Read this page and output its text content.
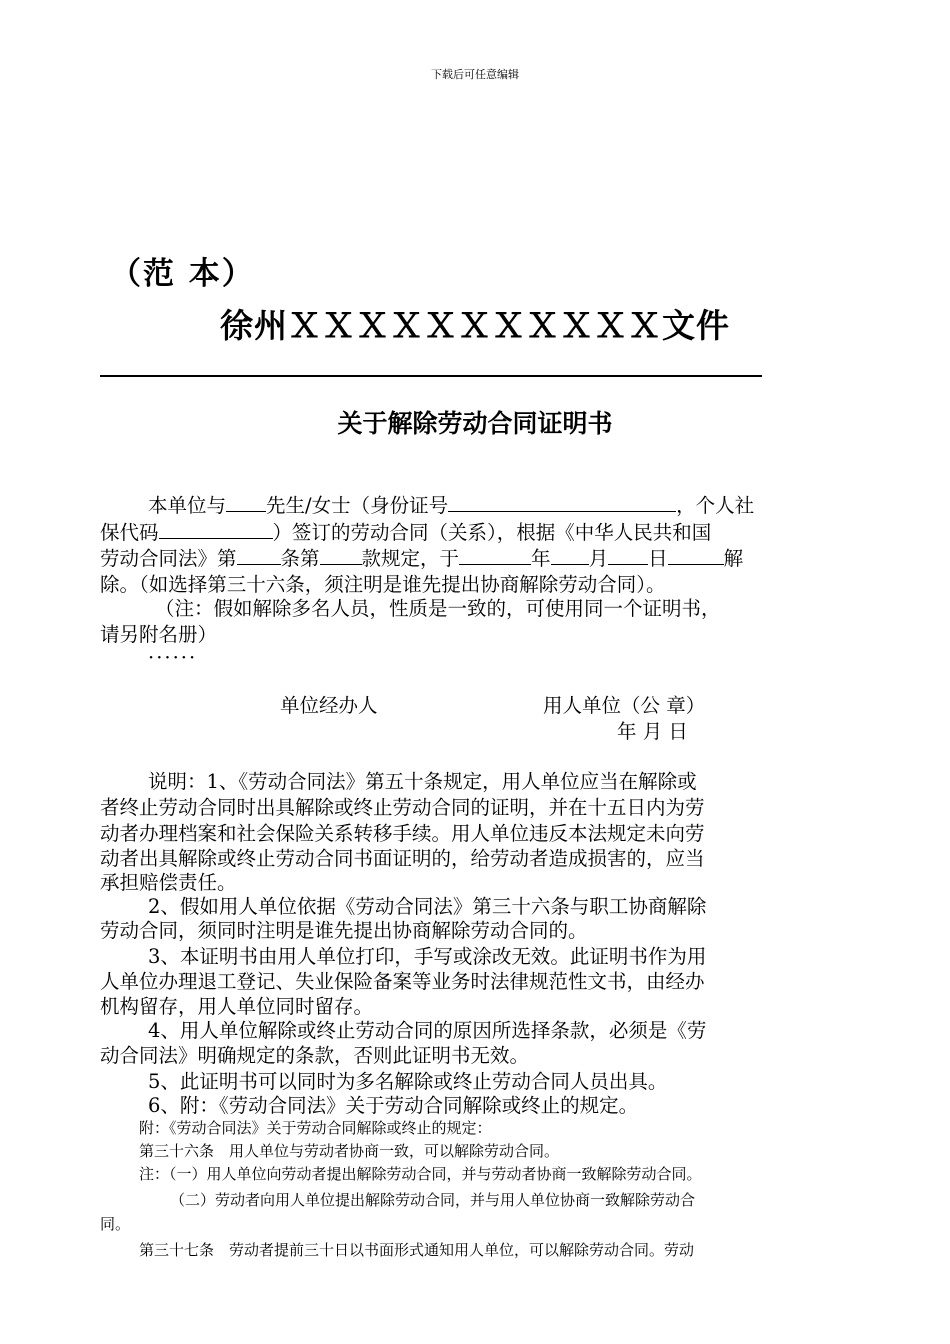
下载后可任意编辑
（范 本）
徐州ＸＸＸＸＸＸＸＸＸＸＸ文件
关于解除劳动合同证明书
本单位与 先生/女士（身份证号	，个人社
保代码	）签订的劳动合同（关系），根据《中华人民共和国
劳动合同法》第 条第 款规定，于	年 月 日	解
除。（如选择第三十六条，须注明是谁先提出协商解除劳动合同）。
（注：假如解除多名人员，性质是一致的，可使用同一个证明书，
请另附名册）
······
单位经办人	用人单位（公 章）
年 月 日
说明：1、《劳动合同法》第五十条规定，用人单位应当在解除或
者终止劳动合同时出具解除或终止劳动合同的证明，并在十五日内为劳
动者办理档案和社会保险关系转移手续。用人单位违反本法规定未向劳
动者出具解除或终止劳动合同书面证明的，给劳动者造成损害的，应当
承担赔偿责任。
2、假如用人单位依据《劳动合同法》第三十六条与职工协商解除
劳动合同，须同时注明是谁先提出协商解除劳动合同的。
3、本证明书由用人单位打印，手写或涂改无效。此证明书作为用
人单位办理退工登记、失业保险备案等业务时法律规范性文书，由经办
机构留存，用人单位同时留存。
4、用人单位解除或终止劳动合同的原因所选择条款，必须是《劳
动合同法》明确规定的条款，否则此证明书无效。
5、此证明书可以同时为多名解除或终止劳动合同人员出具。
6、附：《劳动合同法》关于劳动合同解除或终止的规定。
附：《劳动合同法》关于劳动合同解除或终止的规定：
第三十六条　用人单位与劳动者协商一致，可以解除劳动合同。
注：（一）用人单位向劳动者提出解除劳动合同，并与劳动者协商一致解除劳动合同。
（二）劳动者向用人单位提出解除劳动合同，并与用人单位协商一致解除劳动合
同。
第三十七条　劳动者提前三十日以书面形式通知用人单位，可以解除劳动合同。劳动
